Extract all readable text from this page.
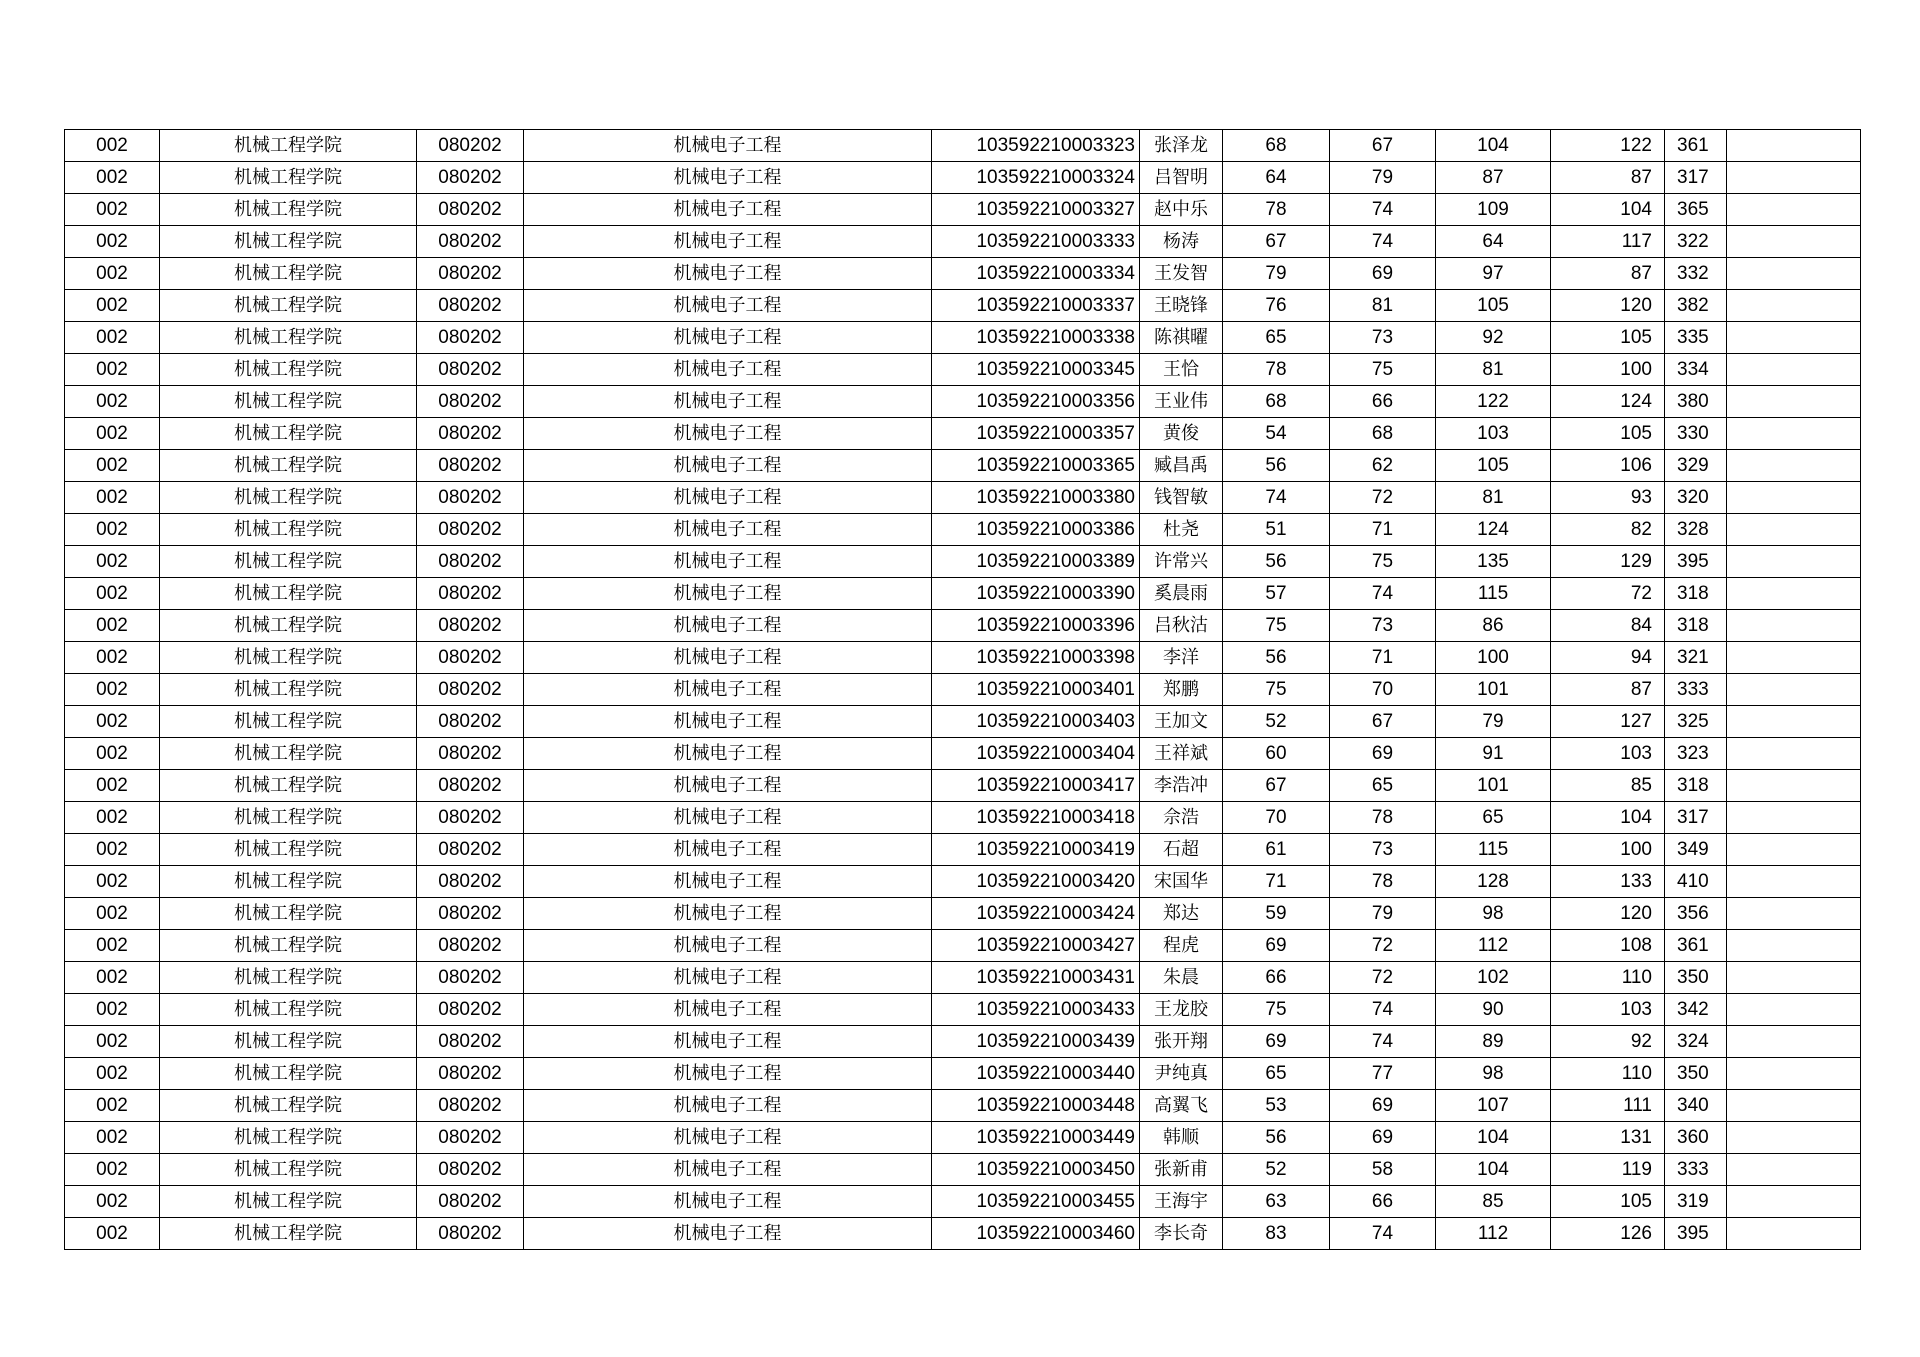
002	机械工程学院	080202	机械电子工程	103592210003323	张泽龙	68	67	104	122	361	
002	机械工程学院	080202	机械电子工程	103592210003324	吕智明	64	79	87	87	317	
002	机械工程学院	080202	机械电子工程	103592210003327	赵中乐	78	74	109	104	365	
002	机械工程学院	080202	机械电子工程	103592210003333	杨涛	67	74	64	117	322	
002	机械工程学院	080202	机械电子工程	103592210003334	王发智	79	69	97	87	332	
002	机械工程学院	080202	机械电子工程	103592210003337	王晓锋	76	81	105	120	382	
002	机械工程学院	080202	机械电子工程	103592210003338	陈祺曜	65	73	92	105	335	
002	机械工程学院	080202	机械电子工程	103592210003345	王恰	78	75	81	100	334	
002	机械工程学院	080202	机械电子工程	103592210003356	王业伟	68	66	122	124	380	
002	机械工程学院	080202	机械电子工程	103592210003357	黄俊	54	68	103	105	330	
002	机械工程学院	080202	机械电子工程	103592210003365	臧昌禹	56	62	105	106	329	
002	机械工程学院	080202	机械电子工程	103592210003380	钱智敏	74	72	81	93	320	
002	机械工程学院	080202	机械电子工程	103592210003386	杜尧	51	71	124	82	328	
002	机械工程学院	080202	机械电子工程	103592210003389	许常兴	56	75	135	129	395	
002	机械工程学院	080202	机械电子工程	103592210003390	奚晨雨	57	74	115	72	318	
002	机械工程学院	080202	机械电子工程	103592210003396	吕秋沽	75	73	86	84	318	
002	机械工程学院	080202	机械电子工程	103592210003398	李洋	56	71	100	94	321	
002	机械工程学院	080202	机械电子工程	103592210003401	郑鹏	75	70	101	87	333	
002	机械工程学院	080202	机械电子工程	103592210003403	王加文	52	67	79	127	325	
002	机械工程学院	080202	机械电子工程	103592210003404	王祥斌	60	69	91	103	323	
002	机械工程学院	080202	机械电子工程	103592210003417	李浩冲	67	65	101	85	318	
002	机械工程学院	080202	机械电子工程	103592210003418	佘浩	70	78	65	104	317	
002	机械工程学院	080202	机械电子工程	103592210003419	石超	61	73	115	100	349	
002	机械工程学院	080202	机械电子工程	103592210003420	宋国华	71	78	128	133	410	
002	机械工程学院	080202	机械电子工程	103592210003424	郑达	59	79	98	120	356	
002	机械工程学院	080202	机械电子工程	103592210003427	程虎	69	72	112	108	361	
002	机械工程学院	080202	机械电子工程	103592210003431	朱晨	66	72	102	110	350	
002	机械工程学院	080202	机械电子工程	103592210003433	王龙胶	75	74	90	103	342	
002	机械工程学院	080202	机械电子工程	103592210003439	张开翔	69	74	89	92	324	
002	机械工程学院	080202	机械电子工程	103592210003440	尹纯真	65	77	98	110	350	
002	机械工程学院	080202	机械电子工程	103592210003448	高翼飞	53	69	107	111	340	
002	机械工程学院	080202	机械电子工程	103592210003449	韩顺	56	69	104	131	360	
002	机械工程学院	080202	机械电子工程	103592210003450	张新甫	52	58	104	119	333	
002	机械工程学院	080202	机械电子工程	103592210003455	王海宇	63	66	85	105	319	
002	机械工程学院	080202	机械电子工程	103592210003460	李长奇	83	74	112	126	395	
